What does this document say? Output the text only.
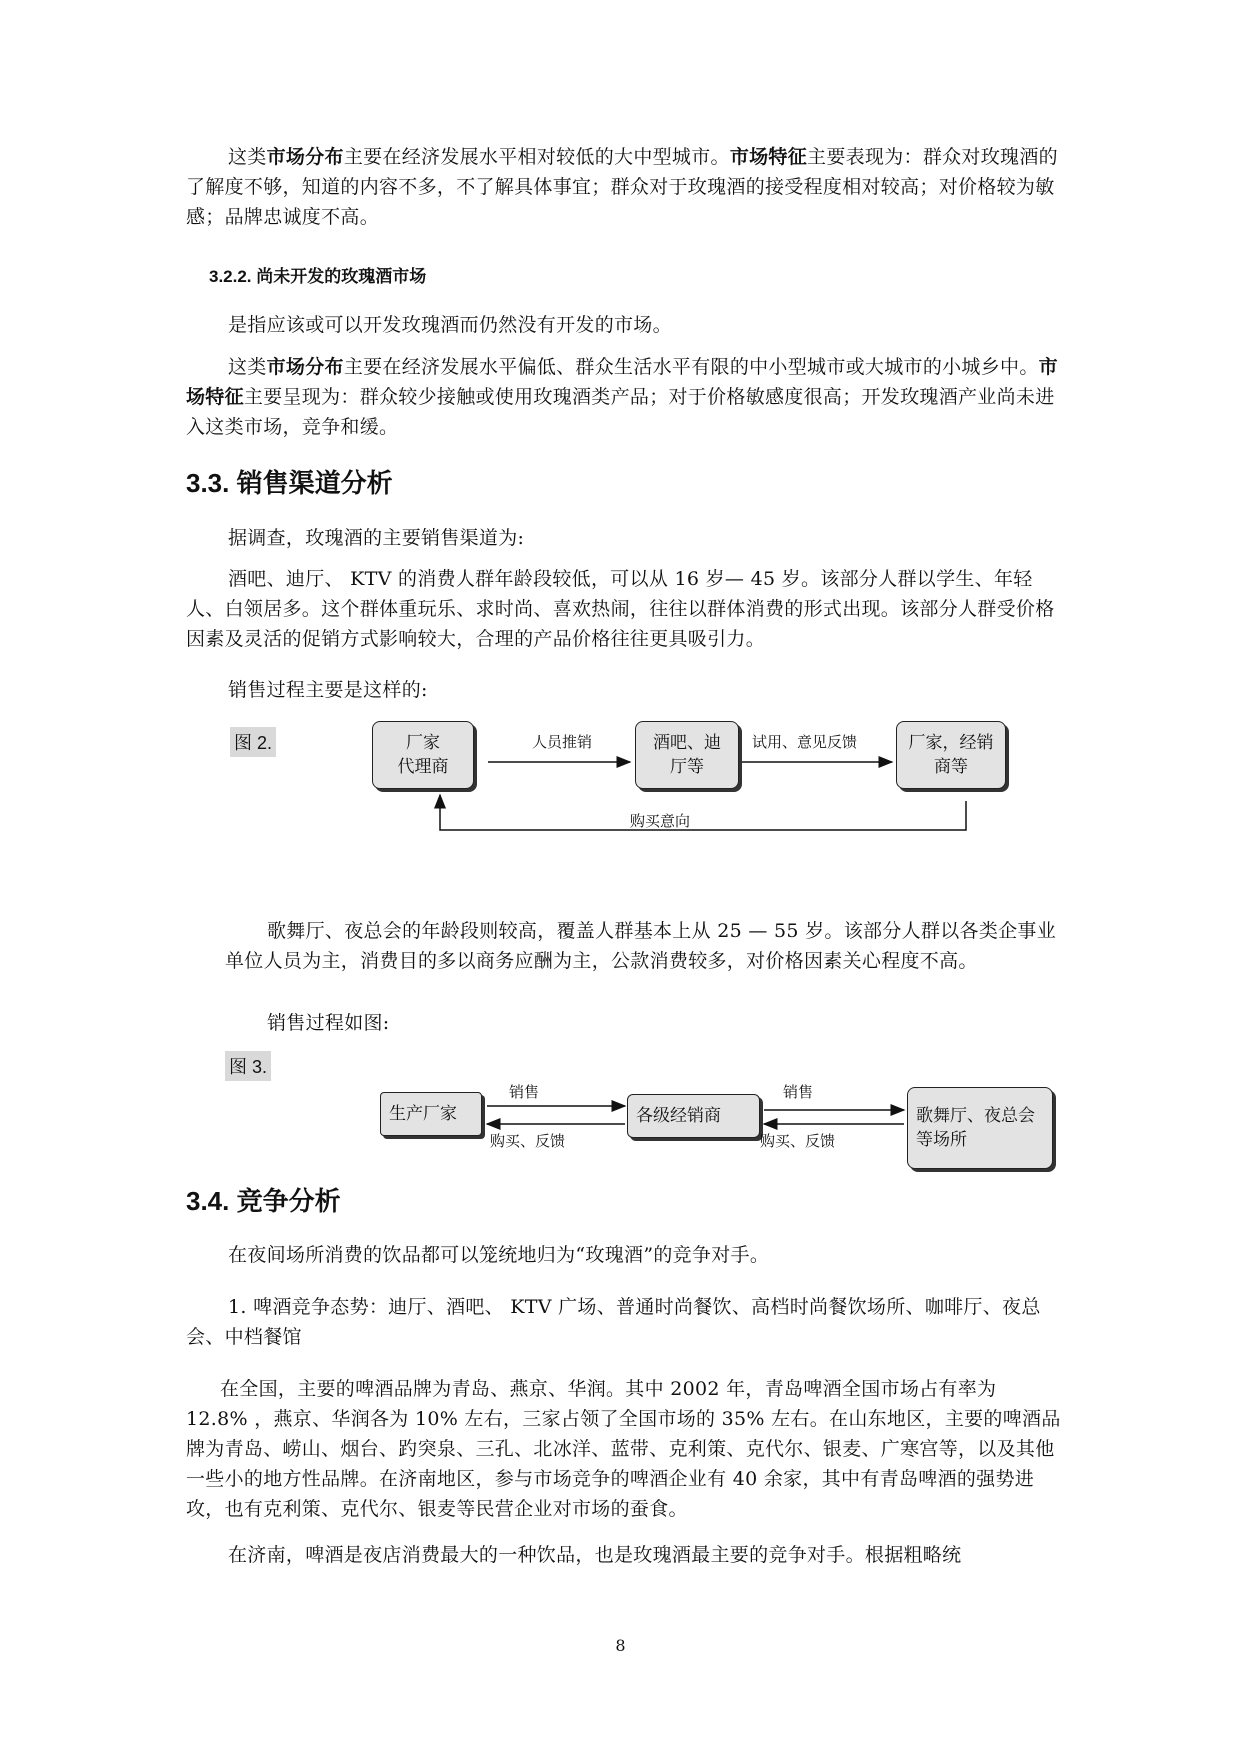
这类市场分布主要在经济发展水平相对较低的大中型城市。市场特征主要表现为：群众对玫瑰酒的了解度不够，知道的内容不多，不了解具体事宜；群众对于玫瑰酒的接受程度相对较高；对价格较为敏感；品牌忠诚度不高。

3.2.2. 尚未开发的玫瑰酒市场

是指应该或可以开发玫瑰酒而仍然没有开发的市场。

这类市场分布主要在经济发展水平偏低、群众生活水平有限的中小型城市或大城市的小城乡中。市场特征主要呈现为：群众较少接触或使用玫瑰酒类产品；对于价格敏感度很高；开发玫瑰酒产业尚未进入这类市场，竞争和缓。

3.3. 销售渠道分析

据调查，玫瑰酒的主要销售渠道为:

酒吧、迪厅、 KTV 的消费人群年龄段较低，可以从 16 岁— 45 岁。该部分人群以学生、年轻人、白领居多。这个群体重玩乐、求时尚、喜欢热闹，往往以群体消费的形式出现。该部分人群受价格因素及灵活的促销方式影响较大，合理的产品价格往往更具吸引力。

销售过程主要是这样的:

图 2.	厂家
代理商
酒吧、迪
厅等
厂家，经销
商等
人员推销	试用、意见反馈
购买意向
图 3.
生产厂家	各级经销商	歌舞厅、夜总会
等场所
销售
购买、反馈
销售
购买、反馈

歌舞厅、夜总会的年龄段则较高，覆盖人群基本上从 25 — 55 岁。该部分人群以各类企事业单位人员为主，消费目的多以商务应酬为主，公款消费较多，对价格因素关心程度不高。

销售过程如图:

3.4. 竞争分析

在夜间场所消费的饮品都可以笼统地归为“玫瑰酒”的竞争对手。

1. 啤酒竞争态势：迪厅、酒吧、 KTV 广场、普通时尚餐饮、高档时尚餐饮场所、咖啡厅、夜总会、中档餐馆

在全国，主要的啤酒品牌为青岛、燕京、华润。其中 2002 年，青岛啤酒全国市场占有率为 12.8% ，燕京、华润各为 10% 左右，三家占领了全国市场的 35% 左右。在山东地区，主要的啤酒品牌为青岛、崂山、烟台、趵突泉、三孔、北冰洋、蓝带、克利策、克代尔、银麦、广寒宫等，以及其他一些小的地方性品牌。在济南地区，参与市场竞争的啤酒企业有 40 余家，其中有青岛啤酒的强势进攻，也有克利策、克代尔、银麦等民营企业对市场的蚕食。

在济南，啤酒是夜店消费最大的一种饮品，也是玫瑰酒最主要的竞争对手。根据粗略统

8
